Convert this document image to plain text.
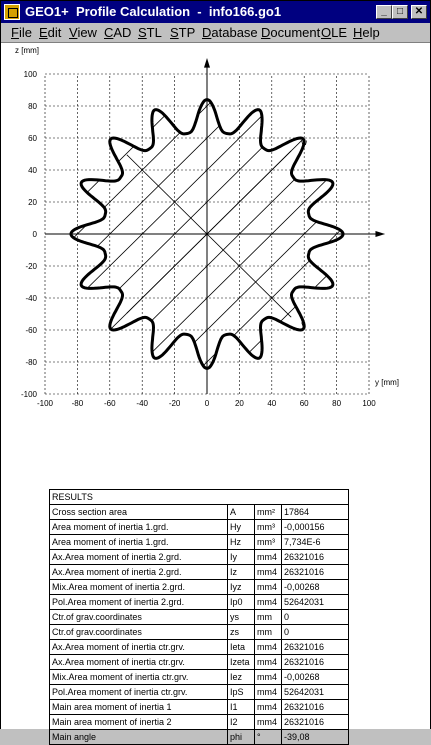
GEO1+  Profile Calculation  -  info166.go1	_	□	✕
File Edit View CAD STL STP Database Document OLE Help
w
v
-100 -80	-60	-40	-20	0	20	40	60	80	100
-100
-80
-60
-40
-20
0
20
40
60
80
100
z [mm]
y [mm]
RESULTS			
Cross section area	A	mm²	17864
Area moment of inertia 1.grd.	Hy	mm³	-0,000156
Area moment of inertia 1.grd.	Hz	mm³	7,734E-6
Ax.Area moment of inertia 2.grd.	Iy	mm4	26321016
Ax.Area moment of inertia 2.grd.	Iz	mm4	26321016
Mix.Area moment of inertia 2.grd.	Iyz	mm4	-0,00268
Pol.Area moment of inertia 2.grd.	Ip0	mm4	52642031
Ctr.of grav.coordinates	ys	mm	0
Ctr.of grav.coordinates	zs	mm	0
Ax.Area moment of inertia ctr.grv.	Ieta	mm4	26321016
Ax.Area moment of inertia ctr.grv.	Izeta	mm4	26321016
Mix.Area moment of inertia ctr.grv.	Iez	mm4	-0,00268
Pol.Area moment of inertia ctr.grv.	IpS	mm4	52642031
Main area moment of inertia 1	I1	mm4	26321016
Main area moment of inertia 2	I2	mm4	26321016
Main angle	phi	°	-39,08
